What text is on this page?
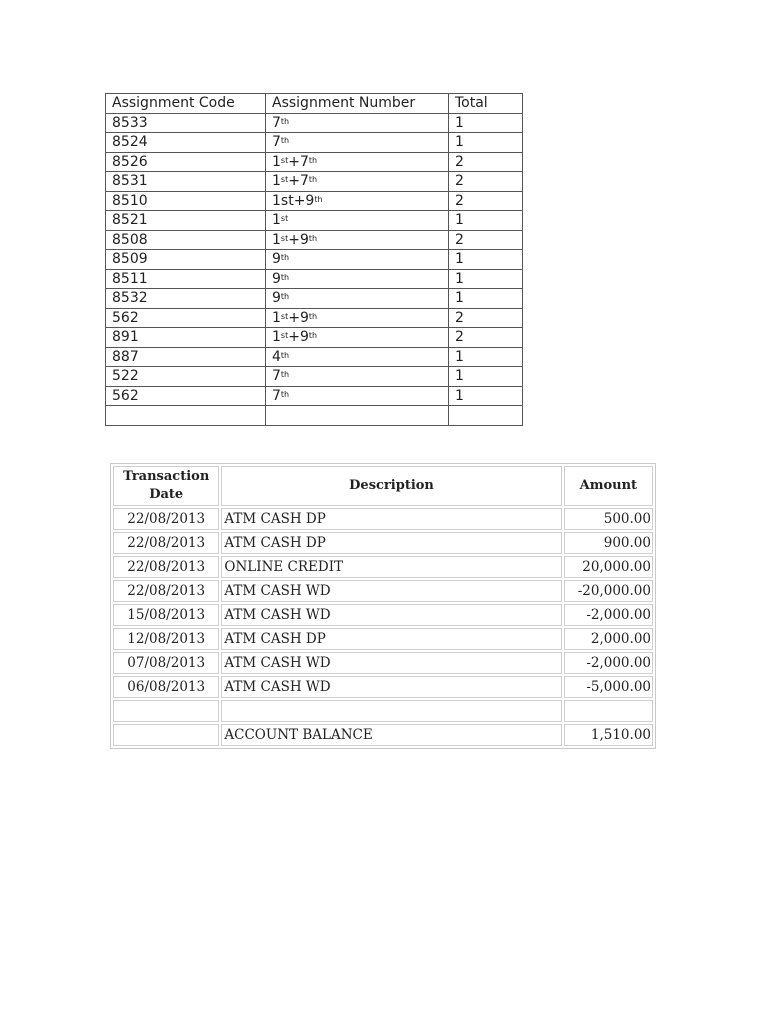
Assignment Code	Assignment Number	Total
8533	7th	1
8524	7th	1
8526	1st+7th	2
8531	1st+7th	2
8510	1st+9th	2
8521	1st	1
8508	1st+9th	2
8509	9th	1
8511	9th	1
8532	9th	1
562	1st+9th	2
891	1st+9th	2
887	4th	1
522	7th	1
562	7th	1

Transaction Date	Description	Amount
22/08/2013	ATM CASH DP	500.00
22/08/2013	ATM CASH DP	900.00
22/08/2013	ONLINE CREDIT	20,000.00
22/08/2013	ATM CASH WD	-20,000.00
15/08/2013	ATM CASH WD	-2,000.00
12/08/2013	ATM CASH DP	2,000.00
07/08/2013	ATM CASH WD	-2,000.00
06/08/2013	ATM CASH WD	-5,000.00

	ACCOUNT BALANCE	1,510.00
